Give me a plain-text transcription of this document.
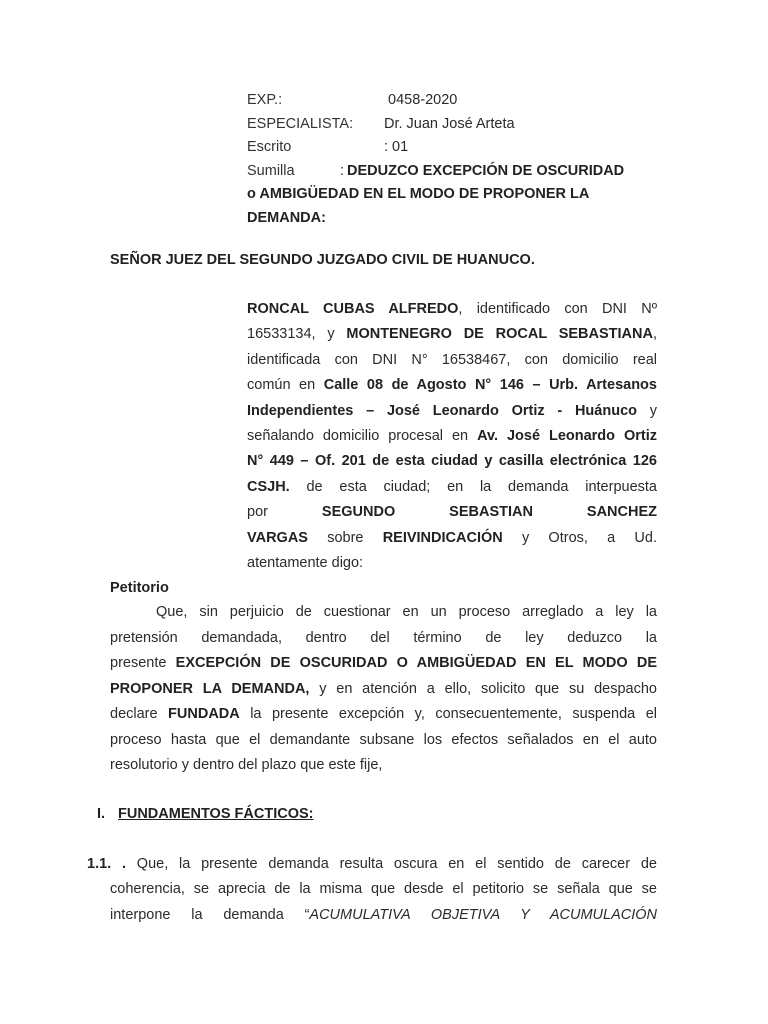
EXP.:	0458-2020
ESPECIALISTA: Dr. Juan José Arteta
Escrito	: 01
Sumilla	: DEDUZCO EXCEPCIÓN DE OSCURIDAD
o AMBIGÜEDAD EN EL MODO DE PROPONER LA
DEMANDA:
SEÑOR JUEZ DEL SEGUNDO JUZGADO CIVIL DE HUANUCO.
RONCAL CUBAS ALFREDO, identificado con DNI Nº
16533134, y MONTENEGRO DE ROCAL SEBASTIANA,
identificada con DNI N° 16538467, con domicilio real
común en Calle 08 de Agosto N° 146 – Urb. Artesanos
Independientes – José Leonardo Ortiz - Huánuco y
señalando domicilio procesal en Av. José Leonardo Ortiz
N° 449 – Of. 201 de esta ciudad y casilla electrónica 126
CSJH. de esta ciudad; en la demanda interpuesta
por SEGUNDO SEBASTIAN SANCHEZ
VARGAS sobre REIVINDICACIÓN y Otros, a Ud.
atentamente digo:
Petitorio
Que, sin perjuicio de cuestionar en un proceso arreglado a ley la
pretensión demandada, dentro del término de ley deduzco la
presente EXCEPCIÓN DE OSCURIDAD O AMBIGÜEDAD EN EL MODO DE
PROPONER LA DEMANDA, y en atención a ello, solicito que su despacho
declare FUNDADA la presente excepción y, consecuentemente, suspenda el
proceso hasta que el demandante subsane los efectos señalados en el auto
resolutorio y dentro del plazo que este fije,
I. FUNDAMENTOS FÁCTICOS:
1.1. . Que, la presente demanda resulta oscura en el sentido de carecer de
coherencia, se aprecia de la misma que desde el petitorio se señala que se
interpone la demanda “ACUMULATIVA OBJETIVA Y ACUMULACIÓN
